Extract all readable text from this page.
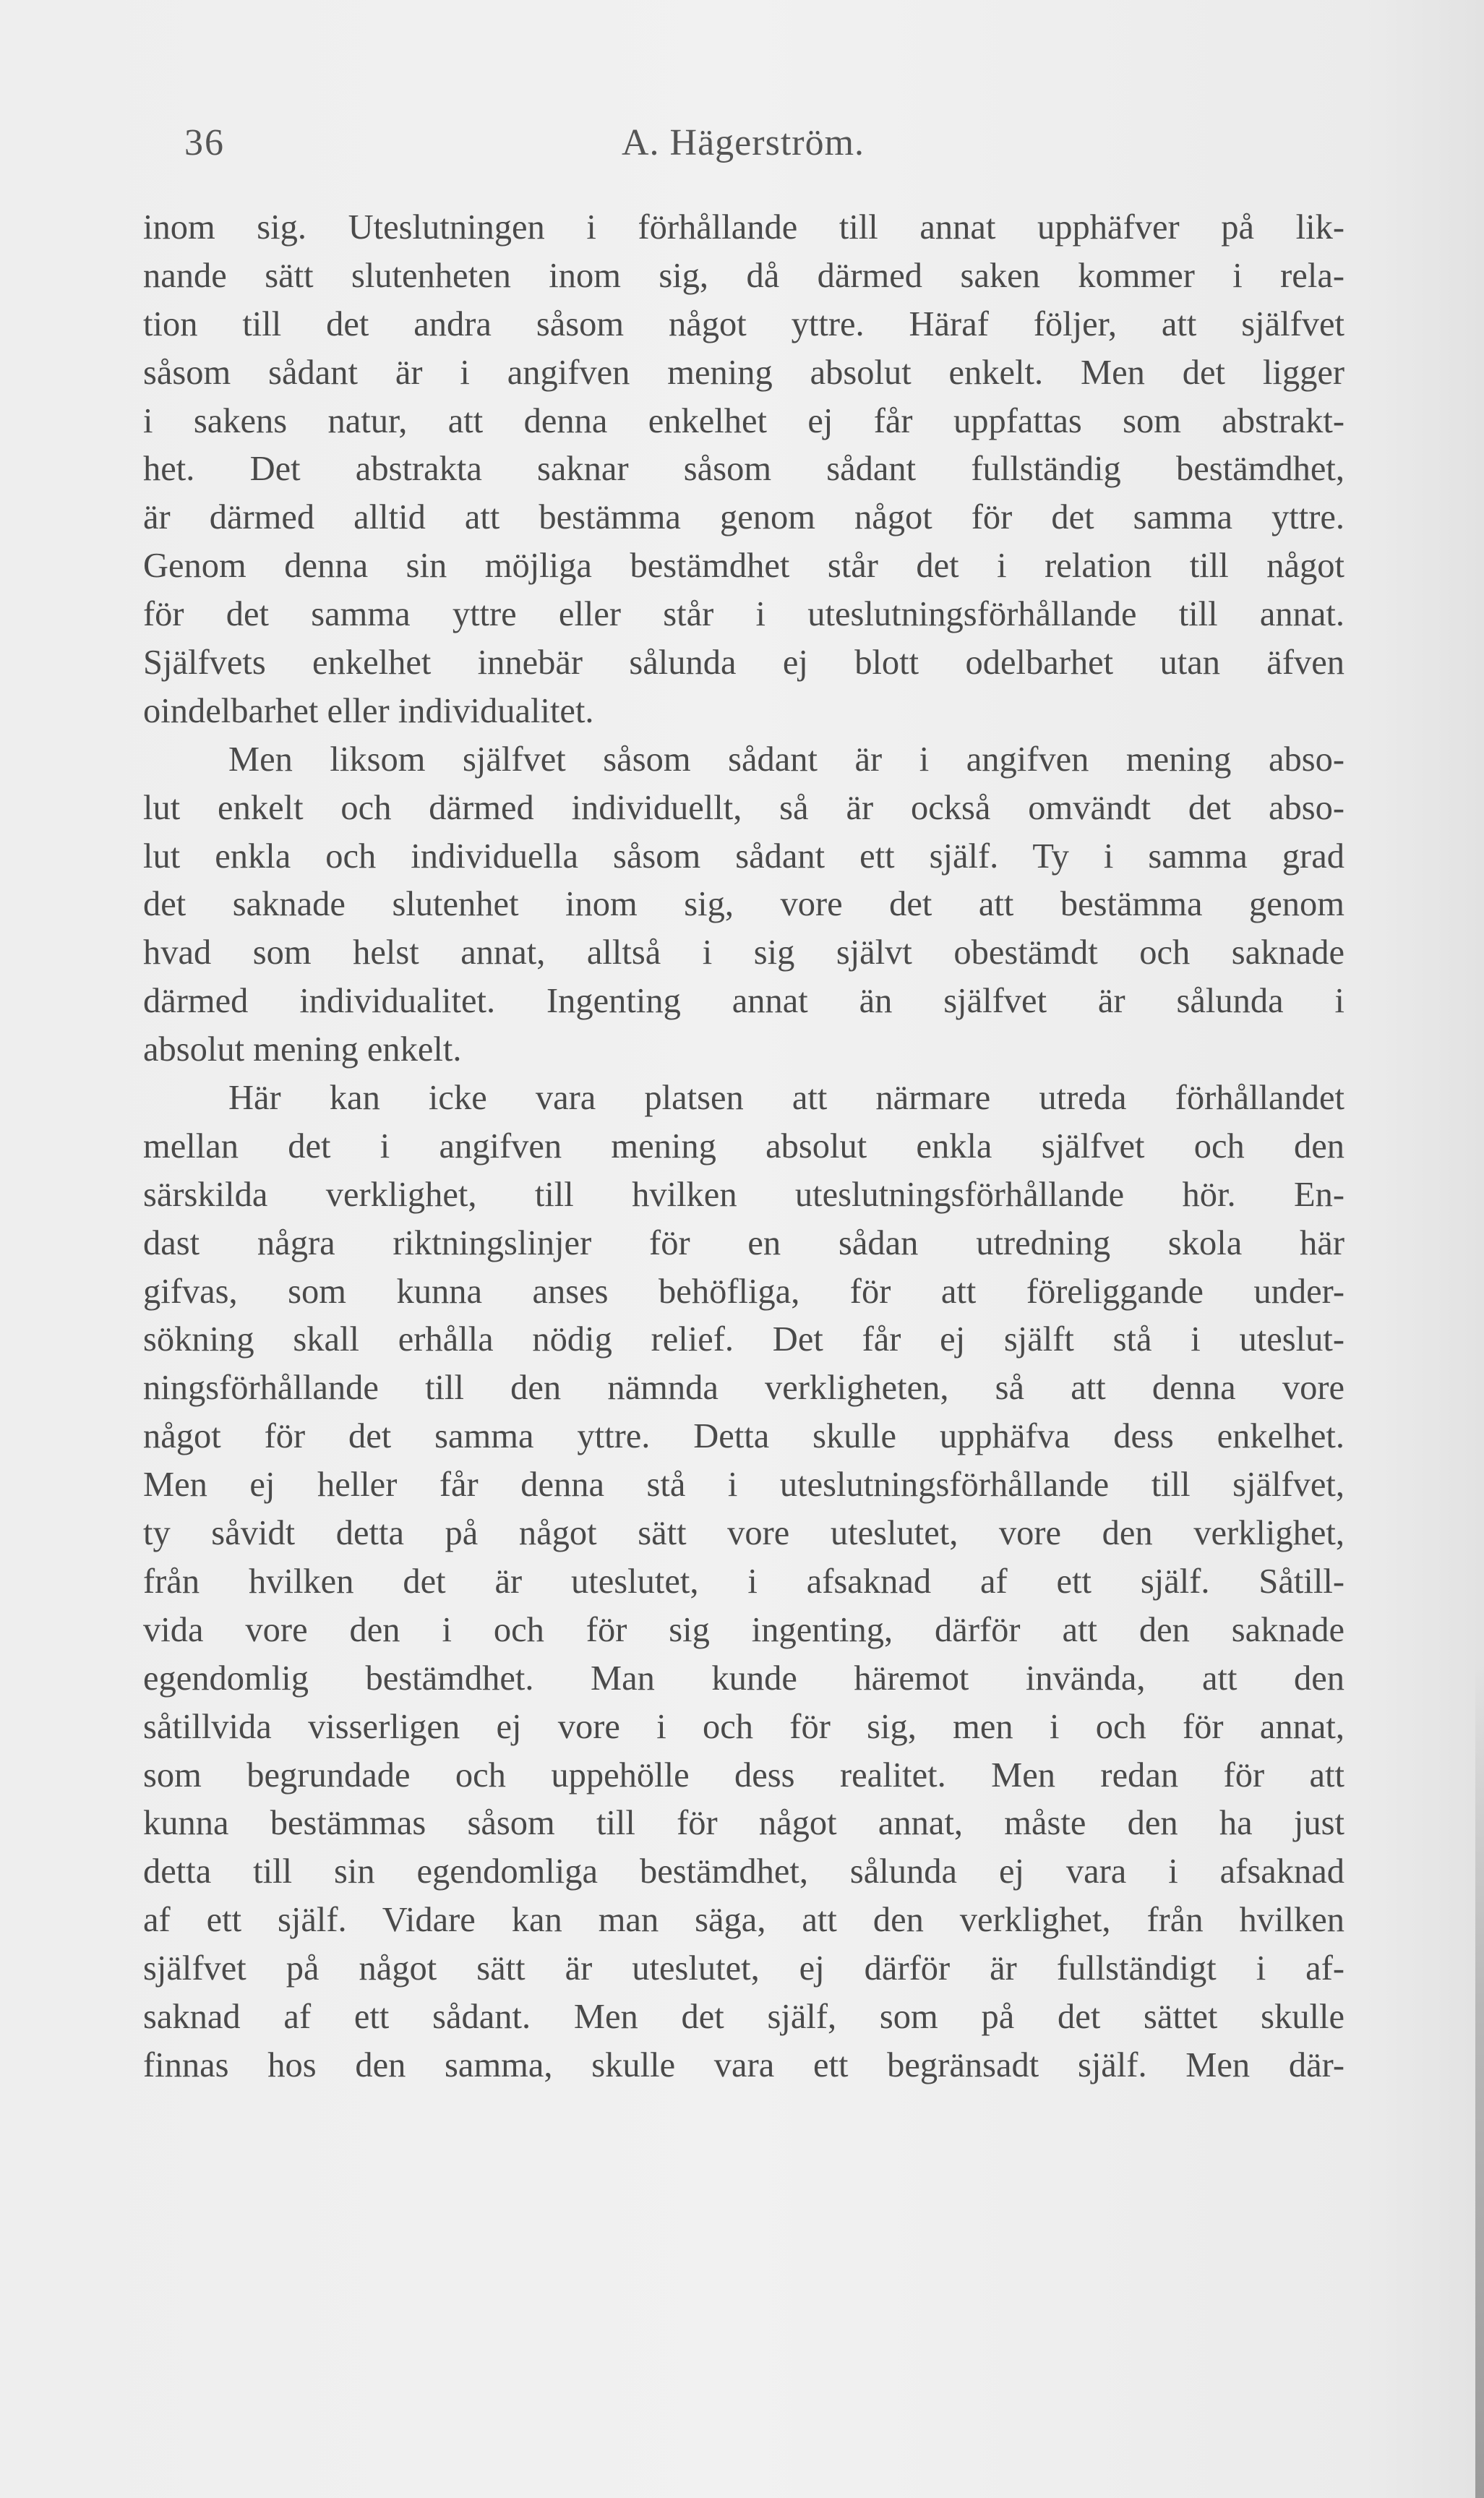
36	A. Hägerström.
inom sig. Uteslutningen i förhållande till annat upphäfver på lik-
nande sätt slutenheten inom sig, då därmed saken kommer i rela-
tion till det andra såsom något yttre. Häraf följer, att själfvet
såsom sådant är i angifven mening absolut enkelt. Men det ligger
i sakens natur, att denna enkelhet ej får uppfattas som abstrakt-
het. Det abstrakta saknar såsom sådant fullständig bestämdhet,
är därmed alltid att bestämma genom något för det samma yttre.
Genom denna sin möjliga bestämdhet står det i relation till något
för det samma yttre eller står i uteslutningsförhållande till annat.
Själfvets enkelhet innebär sålunda ej blott odelbarhet utan äfven
oindelbarhet eller individualitet.
Men liksom själfvet såsom sådant är i angifven mening abso-
lut enkelt och därmed individuellt, så är också omvändt det abso-
lut enkla och individuella såsom sådant ett själf. Ty i samma grad
det saknade slutenhet inom sig, vore det att bestämma genom
hvad som helst annat, alltså i sig självt obestämdt och saknade
därmed individualitet. Ingenting annat än själfvet är sålunda i
absolut mening enkelt.
Här kan icke vara platsen att närmare utreda förhållandet
mellan det i angifven mening absolut enkla själfvet och den
särskilda verklighet, till hvilken uteslutningsförhållande hör. En-
dast några riktningslinjer för en sådan utredning skola här
gifvas, som kunna anses behöfliga, för att föreliggande under-
sökning skall erhålla nödig relief. Det får ej själft stå i uteslut-
ningsförhållande till den nämnda verkligheten, så att denna vore
något för det samma yttre. Detta skulle upphäfva dess enkelhet.
Men ej heller får denna stå i uteslutningsförhållande till själfvet,
ty såvidt detta på något sätt vore uteslutet, vore den verklighet,
från hvilken det är uteslutet, i afsaknad af ett själf. Såtill-
vida vore den i och för sig ingenting, därför att den saknade
egendomlig bestämdhet. Man kunde häremot invända, att den
såtillvida visserligen ej vore i och för sig, men i och för annat,
som begrundade och uppehölle dess realitet. Men redan för att
kunna bestämmas såsom till för något annat, måste den ha just
detta till sin egendomliga bestämdhet, sålunda ej vara i afsaknad
af ett själf. Vidare kan man säga, att den verklighet, från hvilken
själfvet på något sätt är uteslutet, ej därför är fullständigt i af-
saknad af ett sådant. Men det själf, som på det sättet skulle
finnas hos den samma, skulle vara ett begränsadt själf. Men där-
